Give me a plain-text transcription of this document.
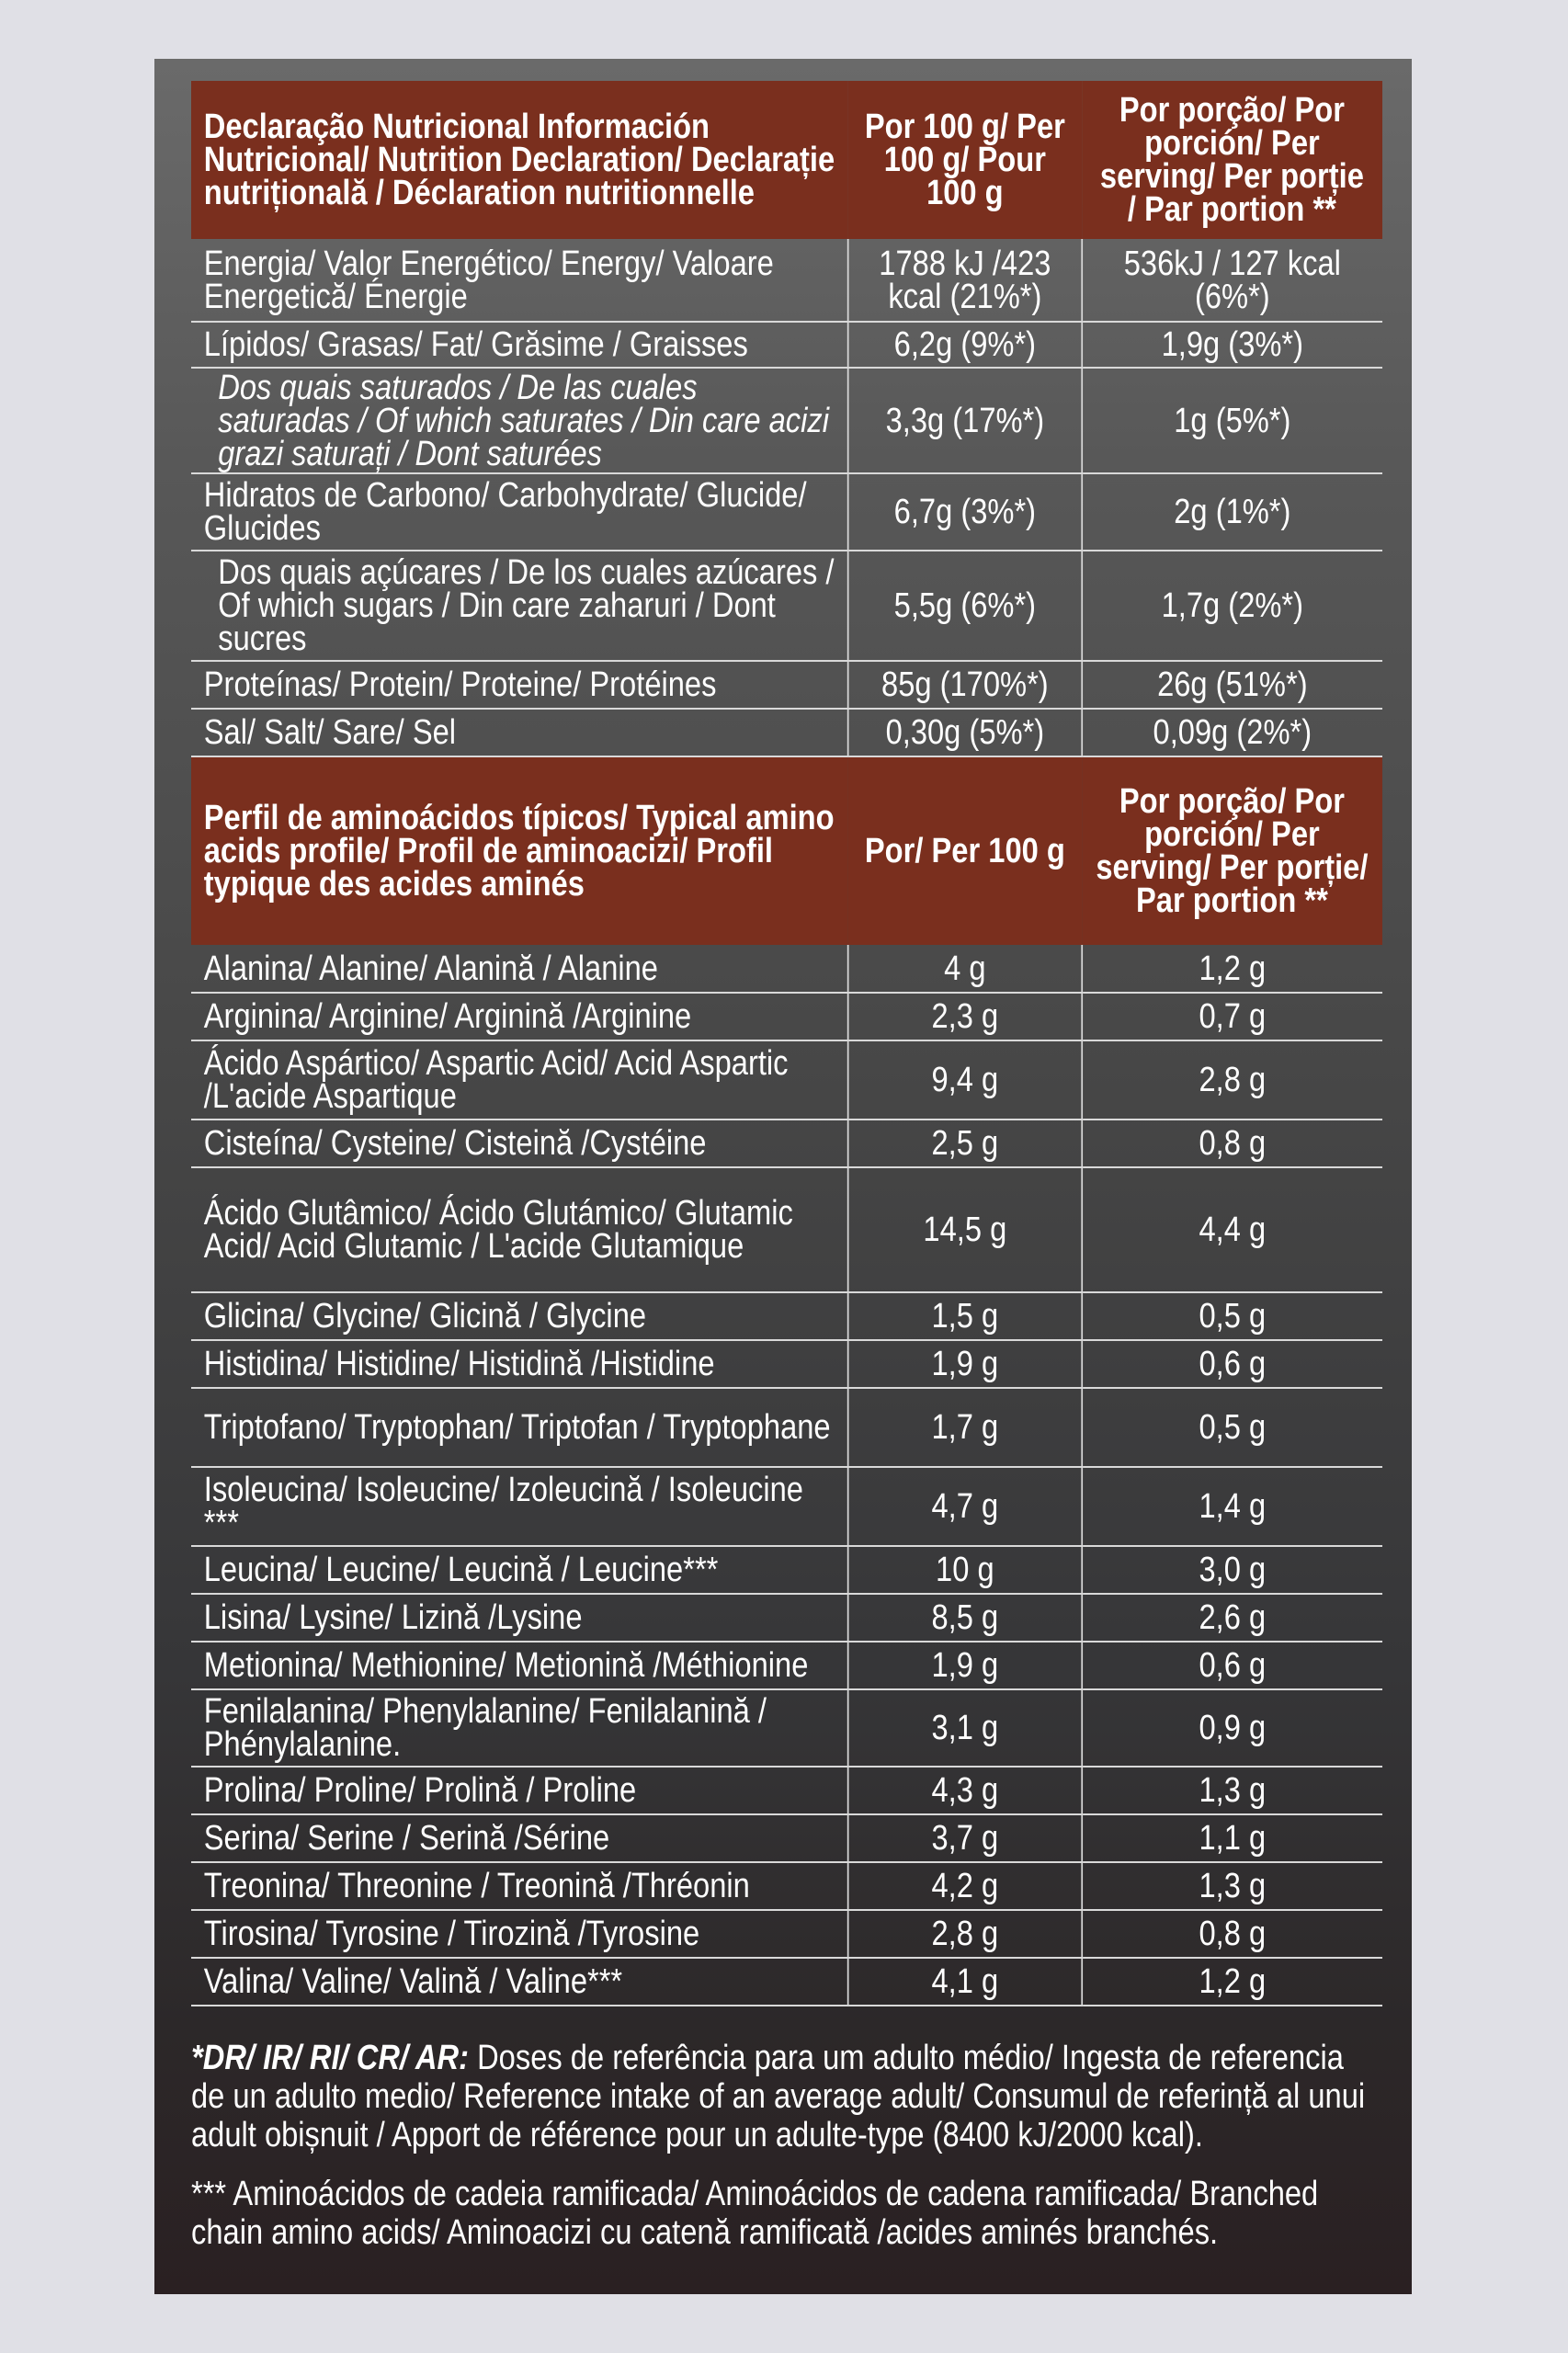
Declaração Nutricional Información Nutricional/ Nutrition Declaration/ Declarație nutrițională / Déclaration nutritionnelle	Por 100 g/ Per 100 g/ Pour 100 g	Por porção/ Por porción/ Per serving/ Per porție / Par portion **
Energia/ Valor Energético/ Energy/ Valoare Energetică/ Énergie	1788 kJ /423 kcal (21%*)	536kJ / 127 kcal (6%*)
Lípidos/ Grasas/ Fat/ Grăsime / Graisses	6,2g (9%*)	1,9g (3%*)
Dos quais saturados / De las cuales saturadas / Of which saturates / Din care acizi grazi saturați / Dont saturées	3,3g (17%*)	1g (5%*)
Hidratos de Carbono/ Carbohydrate/ Glucide/ Glucides	6,7g (3%*)	2g (1%*)
Dos quais açúcares / De los cuales azúcares / Of which sugars / Din care zaharuri / Dont sucres	5,5g (6%*)	1,7g (2%*)
Proteínas/ Protein/ Proteine/ Protéines	85g (170%*)	26g (51%*)
Sal/ Salt/ Sare/ Sel	0,30g (5%*)	0,09g (2%*)
Perfil de aminoácidos típicos/ Typical amino acids profile/ Profil de aminoacizi/ Profil typique des acides aminés	Por/ Per 100 g	Por porção/ Por porción/ Per serving/ Per porție/ Par portion **
Alanina/ Alanine/ Alanină / Alanine	4 g	1,2 g
Arginina/ Arginine/ Arginină /Arginine	2,3 g	0,7 g
Ácido Aspártico/ Aspartic Acid/ Acid Aspartic /L'acide Aspartique	9,4 g	2,8 g
Cisteína/ Cysteine/ Cisteină /Cystéine	2,5 g	0,8 g
Ácido Glutâmico/ Ácido Glutámico/ Glutamic Acid/ Acid Glutamic / L'acide Glutamique	14,5 g	4,4 g
Glicina/ Glycine/ Glicină / Glycine	1,5 g	0,5 g
Histidina/ Histidine/ Histidină /Histidine	1,9 g	0,6 g
Triptofano/ Tryptophan/ Triptofan / Tryptophane	1,7 g	0,5 g
Isoleucina/ Isoleucine/ Izoleucină / Isoleucine ***	4,7 g	1,4 g
Leucina/ Leucine/ Leucină / Leucine***	10 g	3,0 g
Lisina/ Lysine/ Lizină /Lysine	8,5 g	2,6 g
Metionina/ Methionine/ Metionină /Méthionine	1,9 g	0,6 g
Fenilalanina/ Phenylalanine/ Fenilalanină / Phénylalanine.	3,1 g	0,9 g
Prolina/ Proline/ Prolină / Proline	4,3 g	1,3 g
Serina/ Serine / Serină /Sérine	3,7 g	1,1 g
Treonina/ Threonine / Treonină /Thréonin	4,2 g	1,3 g
Tirosina/ Tyrosine / Tirozină /Tyrosine	2,8 g	0,8 g
Valina/ Valine/ Valină / Valine***	4,1 g	1,2 g

*DR/ IR/ RI/ CR/ AR: Doses de referência para um adulto médio/ Ingesta de referencia de un adulto medio/ Reference intake of an average adult/ Consumul de referință al unui adult obișnuit / Apport de référence pour un adulte-type (8400 kJ/2000 kcal).

*** Aminoácidos de cadeia ramificada/ Aminoácidos de cadena ramificada/ Branched chain amino acids/ Aminoacizi cu catenă ramificată /acides aminés branchés.
